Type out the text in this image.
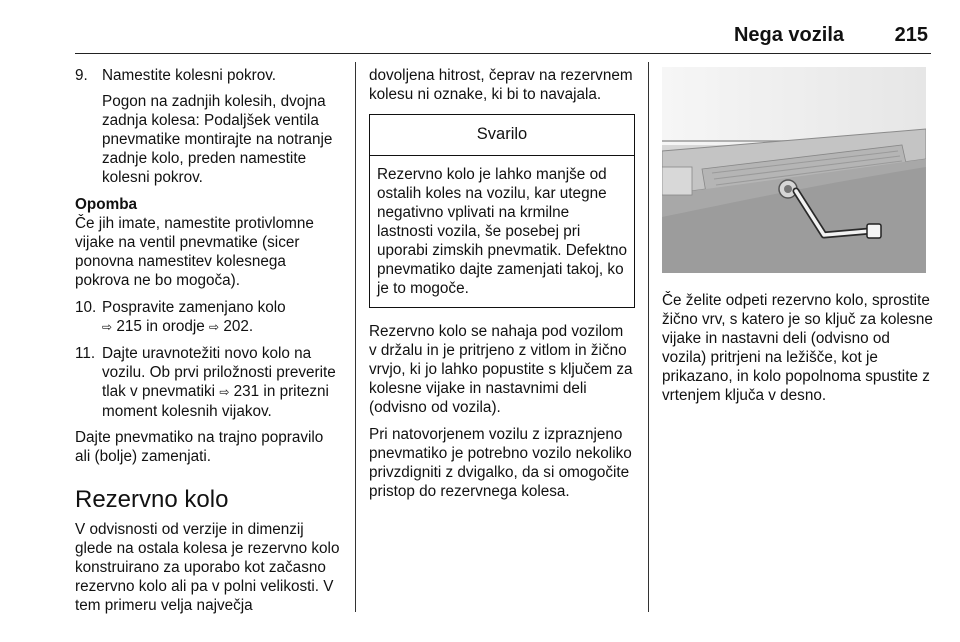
Nega vozila	215
9. Namestite kolesni pokrov.

Pogon na zadnjih kolesih, dvojna zadnja kolesa: Podaljšek ventila pnevmatike montirajte na notranje zadnje kolo, preden namestite kolesni pokrov.

Opomba

Če jih imate, namestite protivlomne vijake na ventil pnevmatike (sicer ponovna namestitev kolesnega pokrova ne bo mogoča).

10. Pospravite zamenjano kolo
⇨ 215 in orodje ⇨ 202.
11. Dajte uravnotežiti novo kolo na vozilu. Ob prvi priložnosti preverite tlak v pnevmatiki ⇨ 231 in pritezni moment kolesnih vijakov.

Dajte pnevmatiko na trajno popravilo ali (bolje) zamenjati.

Rezervno kolo

V odvisnosti od verzije in dimenzij glede na ostala kolesa je rezervno kolo konstruirano za uporabo kot začasno rezervno kolo ali pa v polni velikosti. V tem primeru velja največja

dovoljena hitrost, čeprav na rezervnem kolesu ni oznake, ki bi to navajala.

Svarilo
Rezervno kolo je lahko manjše od ostalih koles na vozilu, kar utegne negativno vplivati na krmilne lastnosti vozila, še posebej pri uporabi zimskih pnevmatik. Defektno pnevmatiko dajte zamenjati takoj, ko je to mogoče.

Rezervno kolo se nahaja pod vozilom v držalu in je pritrjeno z vitlom in žično vrvjo, ki jo lahko popustite s ključem za kolesne vijake in nastavnimi deli (odvisno od vozila).

Pri natovorjenem vozilu z izpraznjeno pnevmatiko je potrebno vozilo nekoliko privzdigniti z dvigalko, da si omogočite pristop do rezervnega kolesa.

Če želite odpeti rezervno kolo, sprostite žično vrv, s katero je so ključ za kolesne vijake in nastavni deli (odvisno od vozila) pritrjeni na ležišče, kot je prikazano, in kolo popolnoma spustite z vrtenjem ključa v desno.
